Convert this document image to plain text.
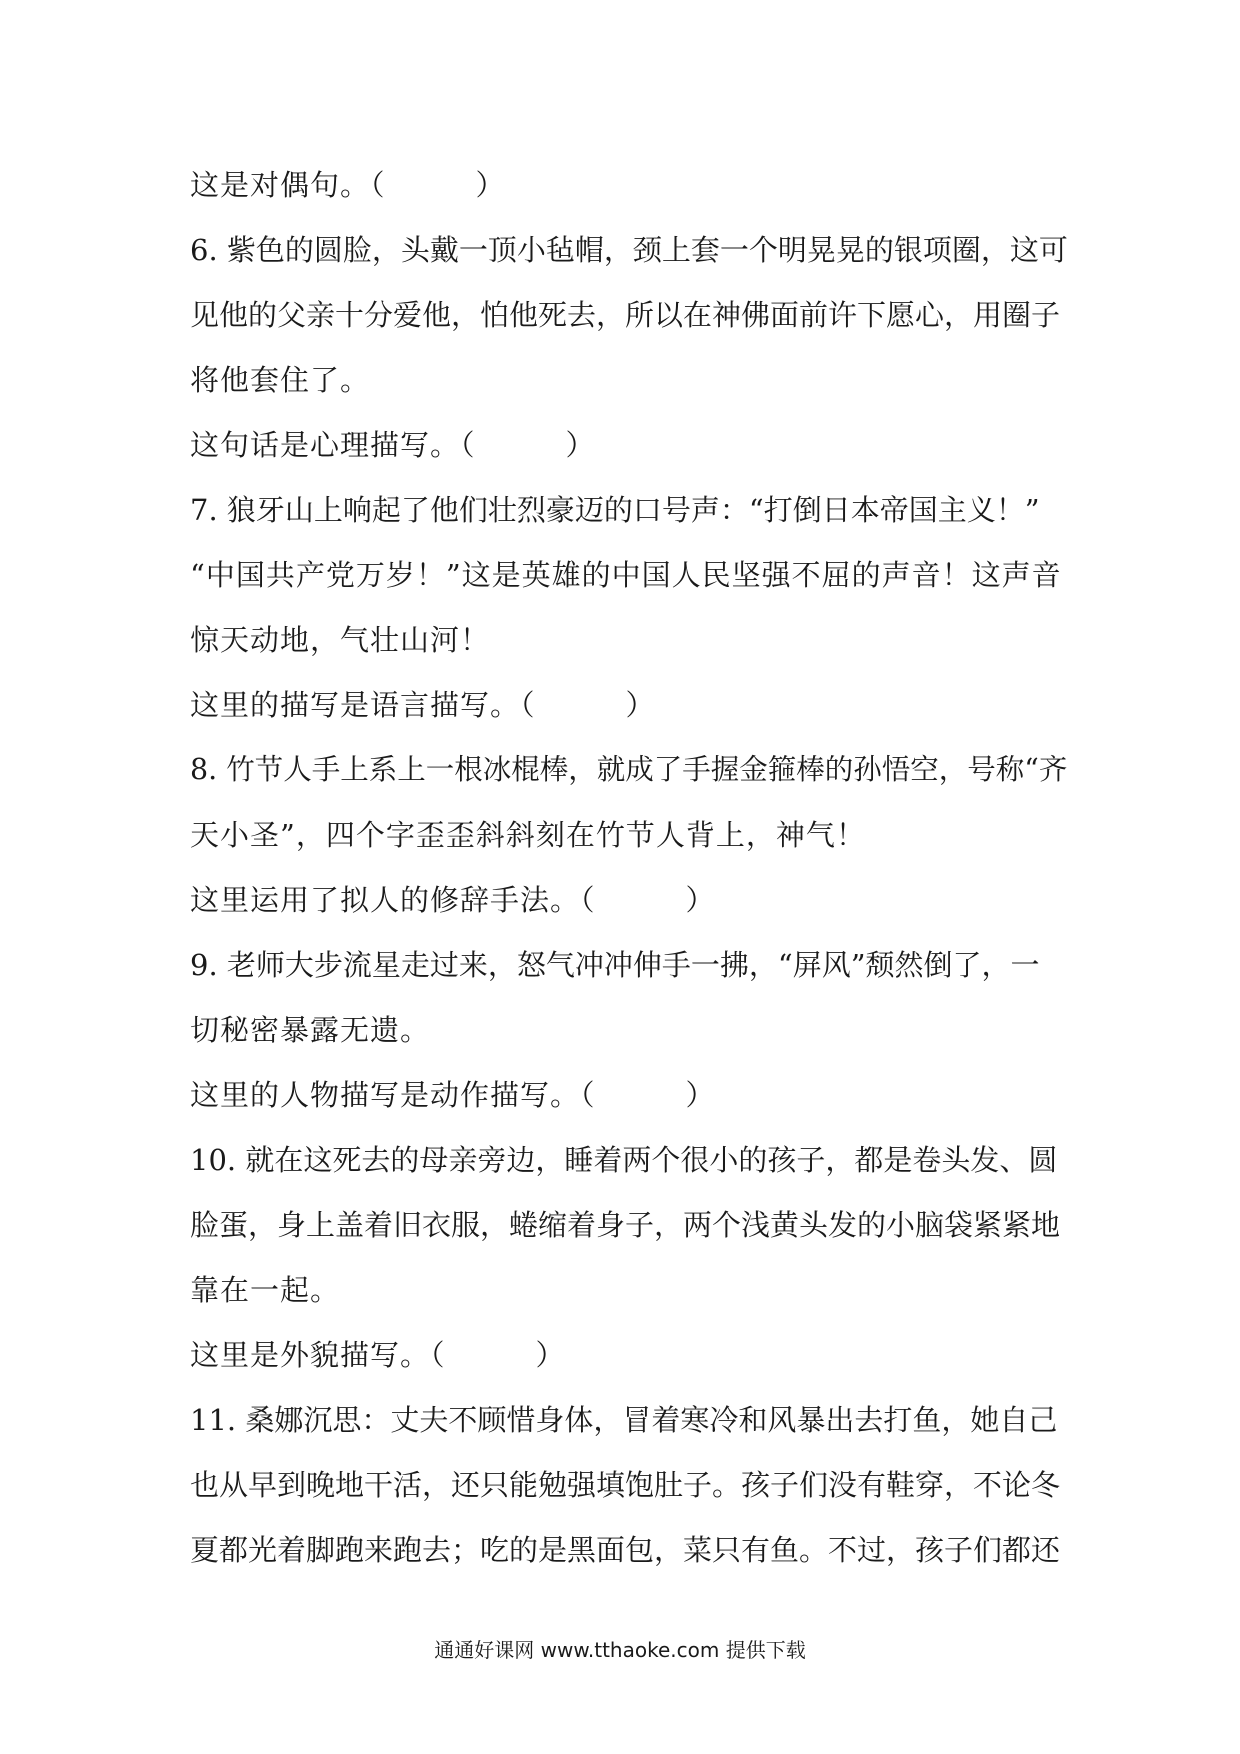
这是对偶句。（　　　）
6. 紫色的圆脸，头戴一顶小毡帽，颈上套一个明晃晃的银项圈，这可
见他的父亲十分爱他，怕他死去，所以在神佛面前许下愿心，用圈子
将他套住了。
这句话是心理描写。（　　　）
7. 狼牙山上响起了他们壮烈豪迈的口号声：“打倒日本帝国主义！”
“中国共产党万岁！”这是英雄的中国人民坚强不屈的声音！这声音
惊天动地，气壮山河！
这里的描写是语言描写。（　　　）
8. 竹节人手上系上一根冰棍棒，就成了手握金箍棒的孙悟空，号称“齐
天小圣”，四个字歪歪斜斜刻在竹节人背上，神气！
这里运用了拟人的修辞手法。（　　　）
9. 老师大步流星走过来，怒气冲冲伸手一拂，“屏风”颓然倒了，一
切秘密暴露无遗。
这里的人物描写是动作描写。（　　　）
10. 就在这死去的母亲旁边，睡着两个很小的孩子，都是卷头发、圆
脸蛋，身上盖着旧衣服，蜷缩着身子，两个浅黄头发的小脑袋紧紧地
靠在一起。
这里是外貌描写。（　　　）
11. 桑娜沉思：丈夫不顾惜身体，冒着寒冷和风暴出去打鱼，她自己
也从早到晚地干活，还只能勉强填饱肚子。孩子们没有鞋穿，不论冬
夏都光着脚跑来跑去；吃的是黑面包，菜只有鱼。不过，孩子们都还
通通好课网 www.tthaoke.com 提供下载
